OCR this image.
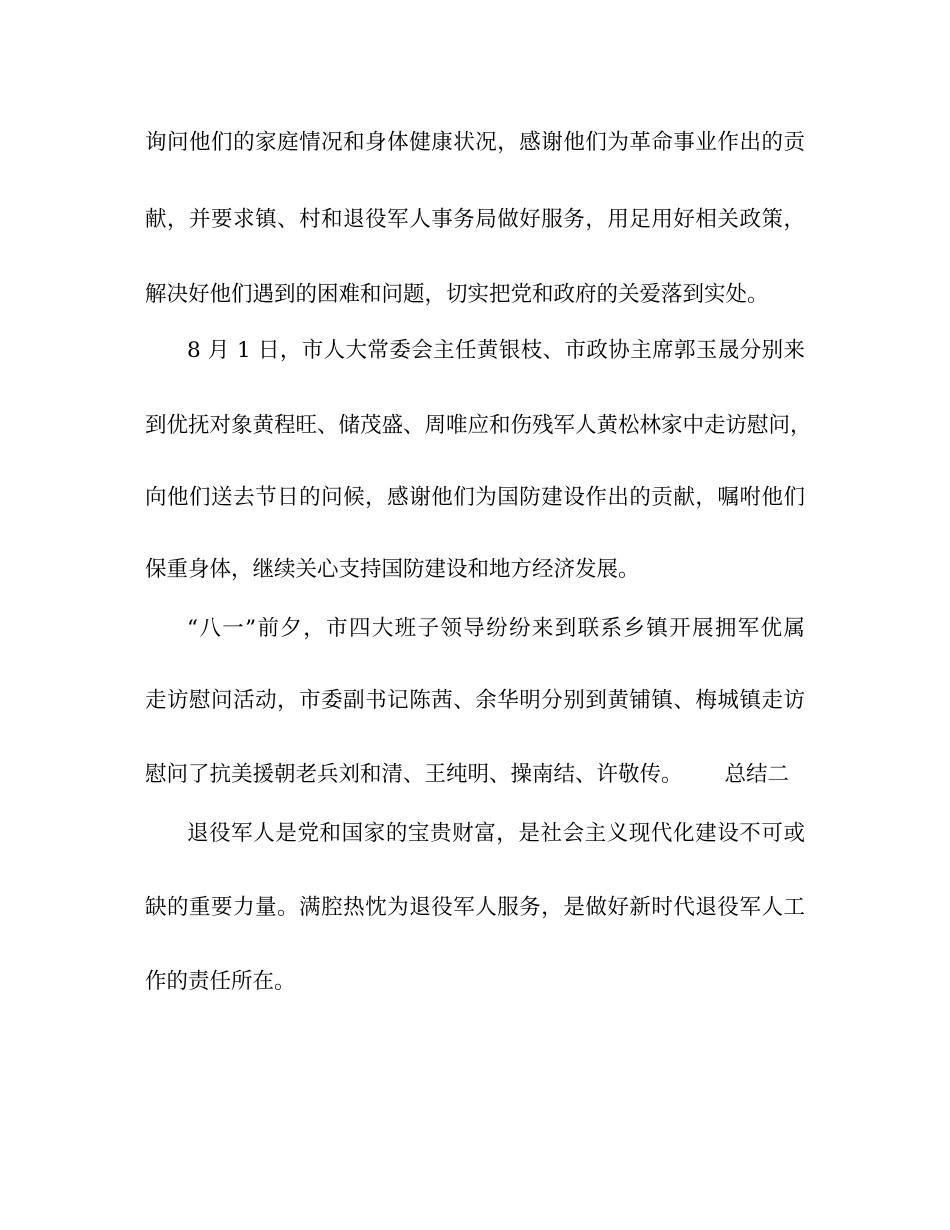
询问他们的家庭情况和身体健康状况，感谢他们为革命事业作出的贡

献，并要求镇、村和退役军人事务局做好服务，用足用好相关政策，

解决好他们遇到的困难和问题，切实把党和政府的关爱落到实处。

8 月 1 日，市人大常委会主任黄银枝、市政协主席郭玉晟分别来

到优抚对象黄程旺、储茂盛、周唯应和伤残军人黄松林家中走访慰问，

向他们送去节日的问候，感谢他们为国防建设作出的贡献，嘱咐他们

保重身体，继续关心支持国防建设和地方经济发展。

“八一”前夕，市四大班子领导纷纷来到联系乡镇开展拥军优属

走访慰问活动，市委副书记陈茜、余华明分别到黄铺镇、梅城镇走访

慰问了抗美援朝老兵刘和清、王纯明、操南结、许敬传。 总结二

退役军人是党和国家的宝贵财富，是社会主义现代化建设不可或

缺的重要力量。满腔热忱为退役军人服务，是做好新时代退役军人工

作的责任所在。
